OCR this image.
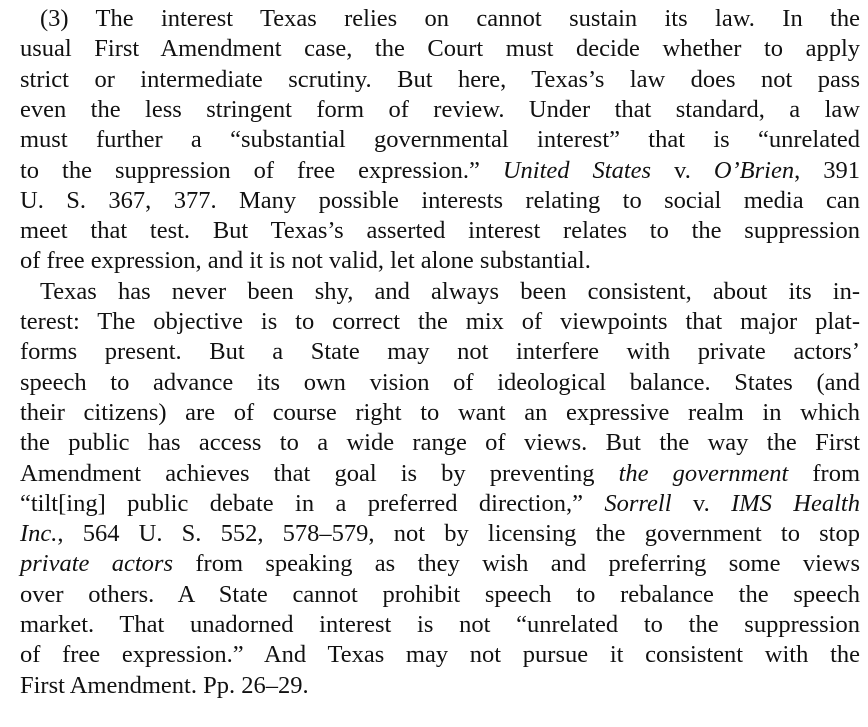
(3) The interest Texas relies on cannot sustain its law. In the
usual First Amendment case, the Court must decide whether to apply
strict or intermediate scrutiny. But here, Texas’s law does not pass
even the less stringent form of review. Under that standard, a law
must further a “substantial governmental interest” that is “unrelated
to the suppression of free expression.” United States v. O’Brien, 391
U. S. 367, 377. Many possible interests relating to social media can
meet that test. But Texas’s asserted interest relates to the suppression
of free expression, and it is not valid, let alone substantial.
Texas has never been shy, and always been consistent, about its in-
terest: The objective is to correct the mix of viewpoints that major plat-
forms present. But a State may not interfere with private actors’
speech to advance its own vision of ideological balance. States (and
their citizens) are of course right to want an expressive realm in which
the public has access to a wide range of views. But the way the First
Amendment achieves that goal is by preventing the government from
“tilt[ing] public debate in a preferred direction,” Sorrell v. IMS Health
Inc., 564 U. S. 552, 578–579, not by licensing the government to stop
private actors from speaking as they wish and preferring some views
over others. A State cannot prohibit speech to rebalance the speech
market. That unadorned interest is not “unrelated to the suppression
of free expression.” And Texas may not pursue it consistent with the
First Amendment. Pp. 26–29.
